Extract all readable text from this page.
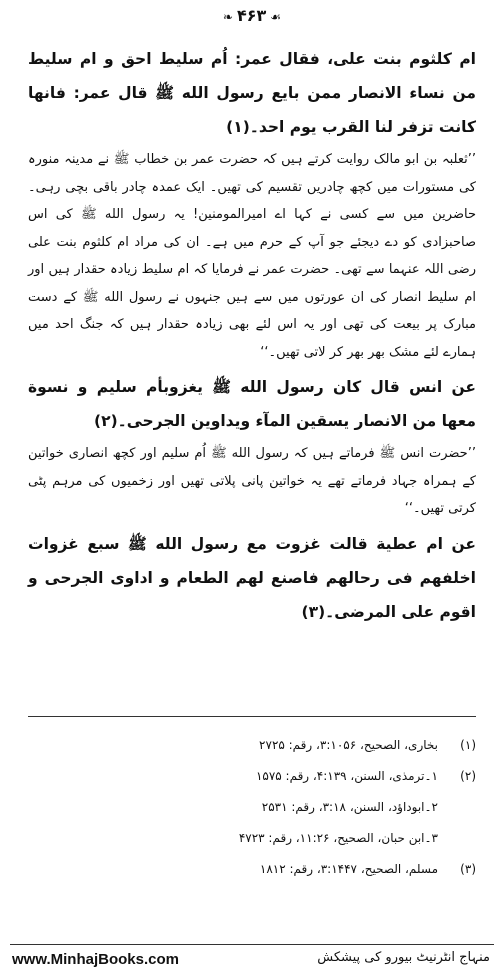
❧ ۴۶۳ ☙

ام کلثوم بنت علی، فقال عمر: اُم سلیط احق و ام سلیط من نساء الانصار ممن بایع رسول الله ﷺ قال عمر: فانها کانت تزفر لنا القرب یوم احد۔(۱)

’’ثعلبہ بن ابو مالک روایت کرتے ہیں کہ حضرت عمر بن خطاب ﷺ نے مدینہ منورہ کی مستورات میں کچھ چادریں تقسیم کی تھیں۔ ایک عمدہ چادر باقی بچی رہی۔ حاضرین میں سے کسی نے کہا اے امیرالمومنین! یہ رسول الله ﷺ کی اس صاحبزادی کو دے دیجئے جو آپ کے حرم میں ہے۔ ان کی مراد ام کلثوم بنت علی رضی اللہ عنہما سے تھی۔ حضرت عمر نے فرمایا کہ ام سلیط زیادہ حقدار ہیں اور ام سلیط انصار کی ان عورتوں میں سے ہیں جنہوں نے رسول الله ﷺ کے دست مبارک پر بیعت کی تھی اور یہ اس لئے بھی زیادہ حقدار ہیں کہ جنگ احد میں ہمارے لئے مشک بھر بھر کر لاتی تھیں۔‘‘

عن انس قال کان رسول الله ﷺ یغزوبأم سلیم و نسوة معها من الانصار یسقین المآء ویداوین الجرحی۔(۲)

’’حضرت انس ﷺ فرماتے ہیں کہ رسول الله ﷺ اُم سلیم اور کچھ انصاری خواتین کے ہمراہ جہاد فرماتے تھے یہ خواتین پانی پلاتی تھیں اور زخمیوں کی مرہم پٹی کرتی تھیں۔‘‘

عن ام عطیة قالت غزوت مع رسول الله ﷺ سبع غزوات اخلفهم فی رحالهم فاصنع لهم الطعام و اداوی الجرحی و اقوم علی المرضی۔(۳)

(۱)بخاری، الصحیح، ۳:۱۰۵۶، رقم: ۲۷۲۵
(۲)۱۔ترمذی، السنن، ۴:۱۳۹، رقم: ۱۵۷۵
۲۔ابوداؤد، السنن، ۳:۱۸، رقم: ۲۵۳۱
۳۔ابن حبان، الصحیح، ۱۱:۲۶، رقم: ۴۷۲۳
(۳)مسلم، الصحیح، ۳:۱۴۴۷، رقم: ۱۸۱۲
www.MinhajBooks.com	منہاج انٹرنیٹ بیورو کی پیشکش
